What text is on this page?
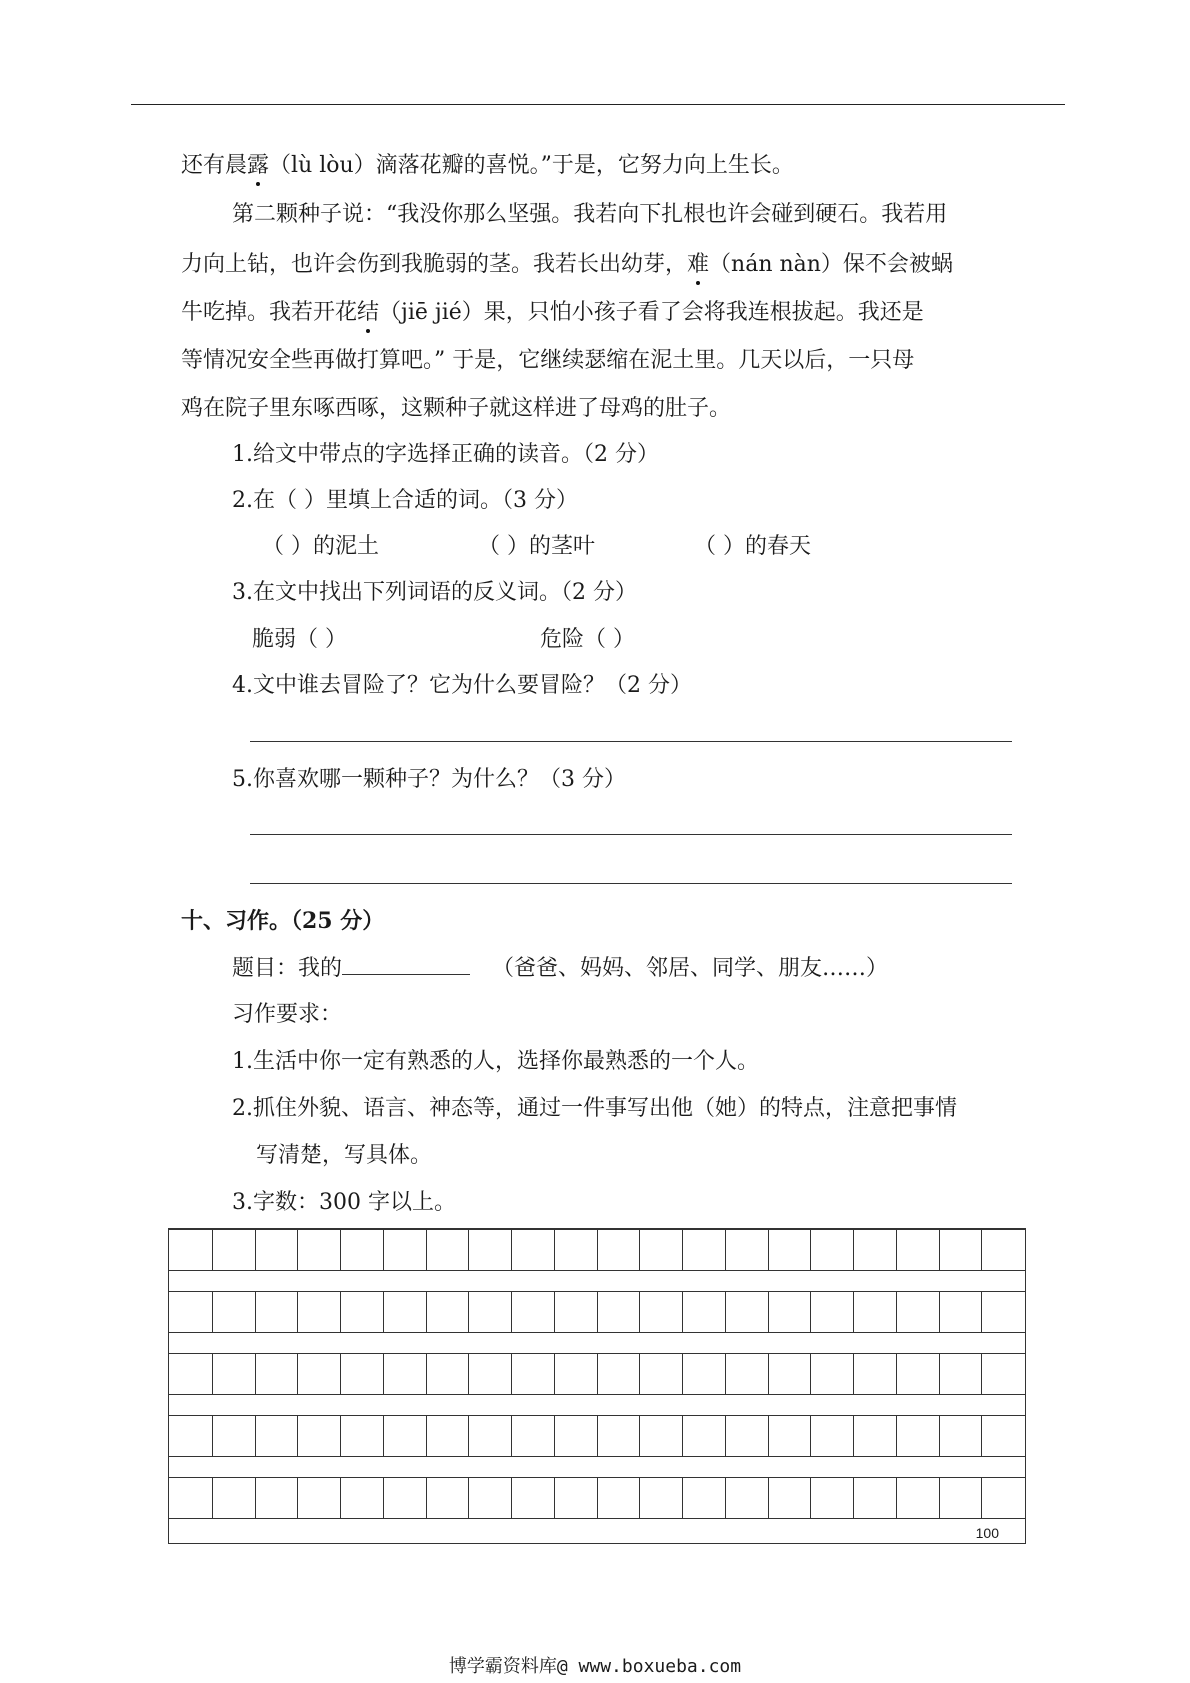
还有晨露（lù lòu）滴落花瓣的喜悦。”于是，它努力向上生长。
第二颗种子说：“我没你那么坚强。我若向下扎根也许会碰到硬石。我若用
力向上钻，也许会伤到我脆弱的茎。我若长出幼芽，难（nán nàn）保不会被蜗
牛吃掉。我若开花结（jiē jié）果，只怕小孩子看了会将我连根拔起。我还是
等情况安全些再做打算吧。” 于是，它继续瑟缩在泥土里。几天以后，一只母
鸡在院子里东啄西啄，这颗种子就这样进了母鸡的肚子。
1.给文中带点的字选择正确的读音。（2 分）
2.在（ ）里填上合适的词。（3 分）
（ ）的泥土	（ ）的茎叶	（ ）的春天
3.在文中找出下列词语的反义词。（2 分）
脆弱（ ）	危险（ ）
4.文中谁去冒险了？它为什么要冒险？（2 分）
5.你喜欢哪一颗种子？为什么？（3 分）
十、习作。（25 分）
题目：我的	（爸爸、妈妈、邻居、同学、朋友……）
习作要求：
1.生活中你一定有熟悉的人，选择你最熟悉的一个人。
2.抓住外貌、语言、神态等，通过一件事写出他（她）的特点，注意把事情
写清楚，写具体。
3.字数：300 字以上。
100
博学霸资料库@ www.boxueba.com
